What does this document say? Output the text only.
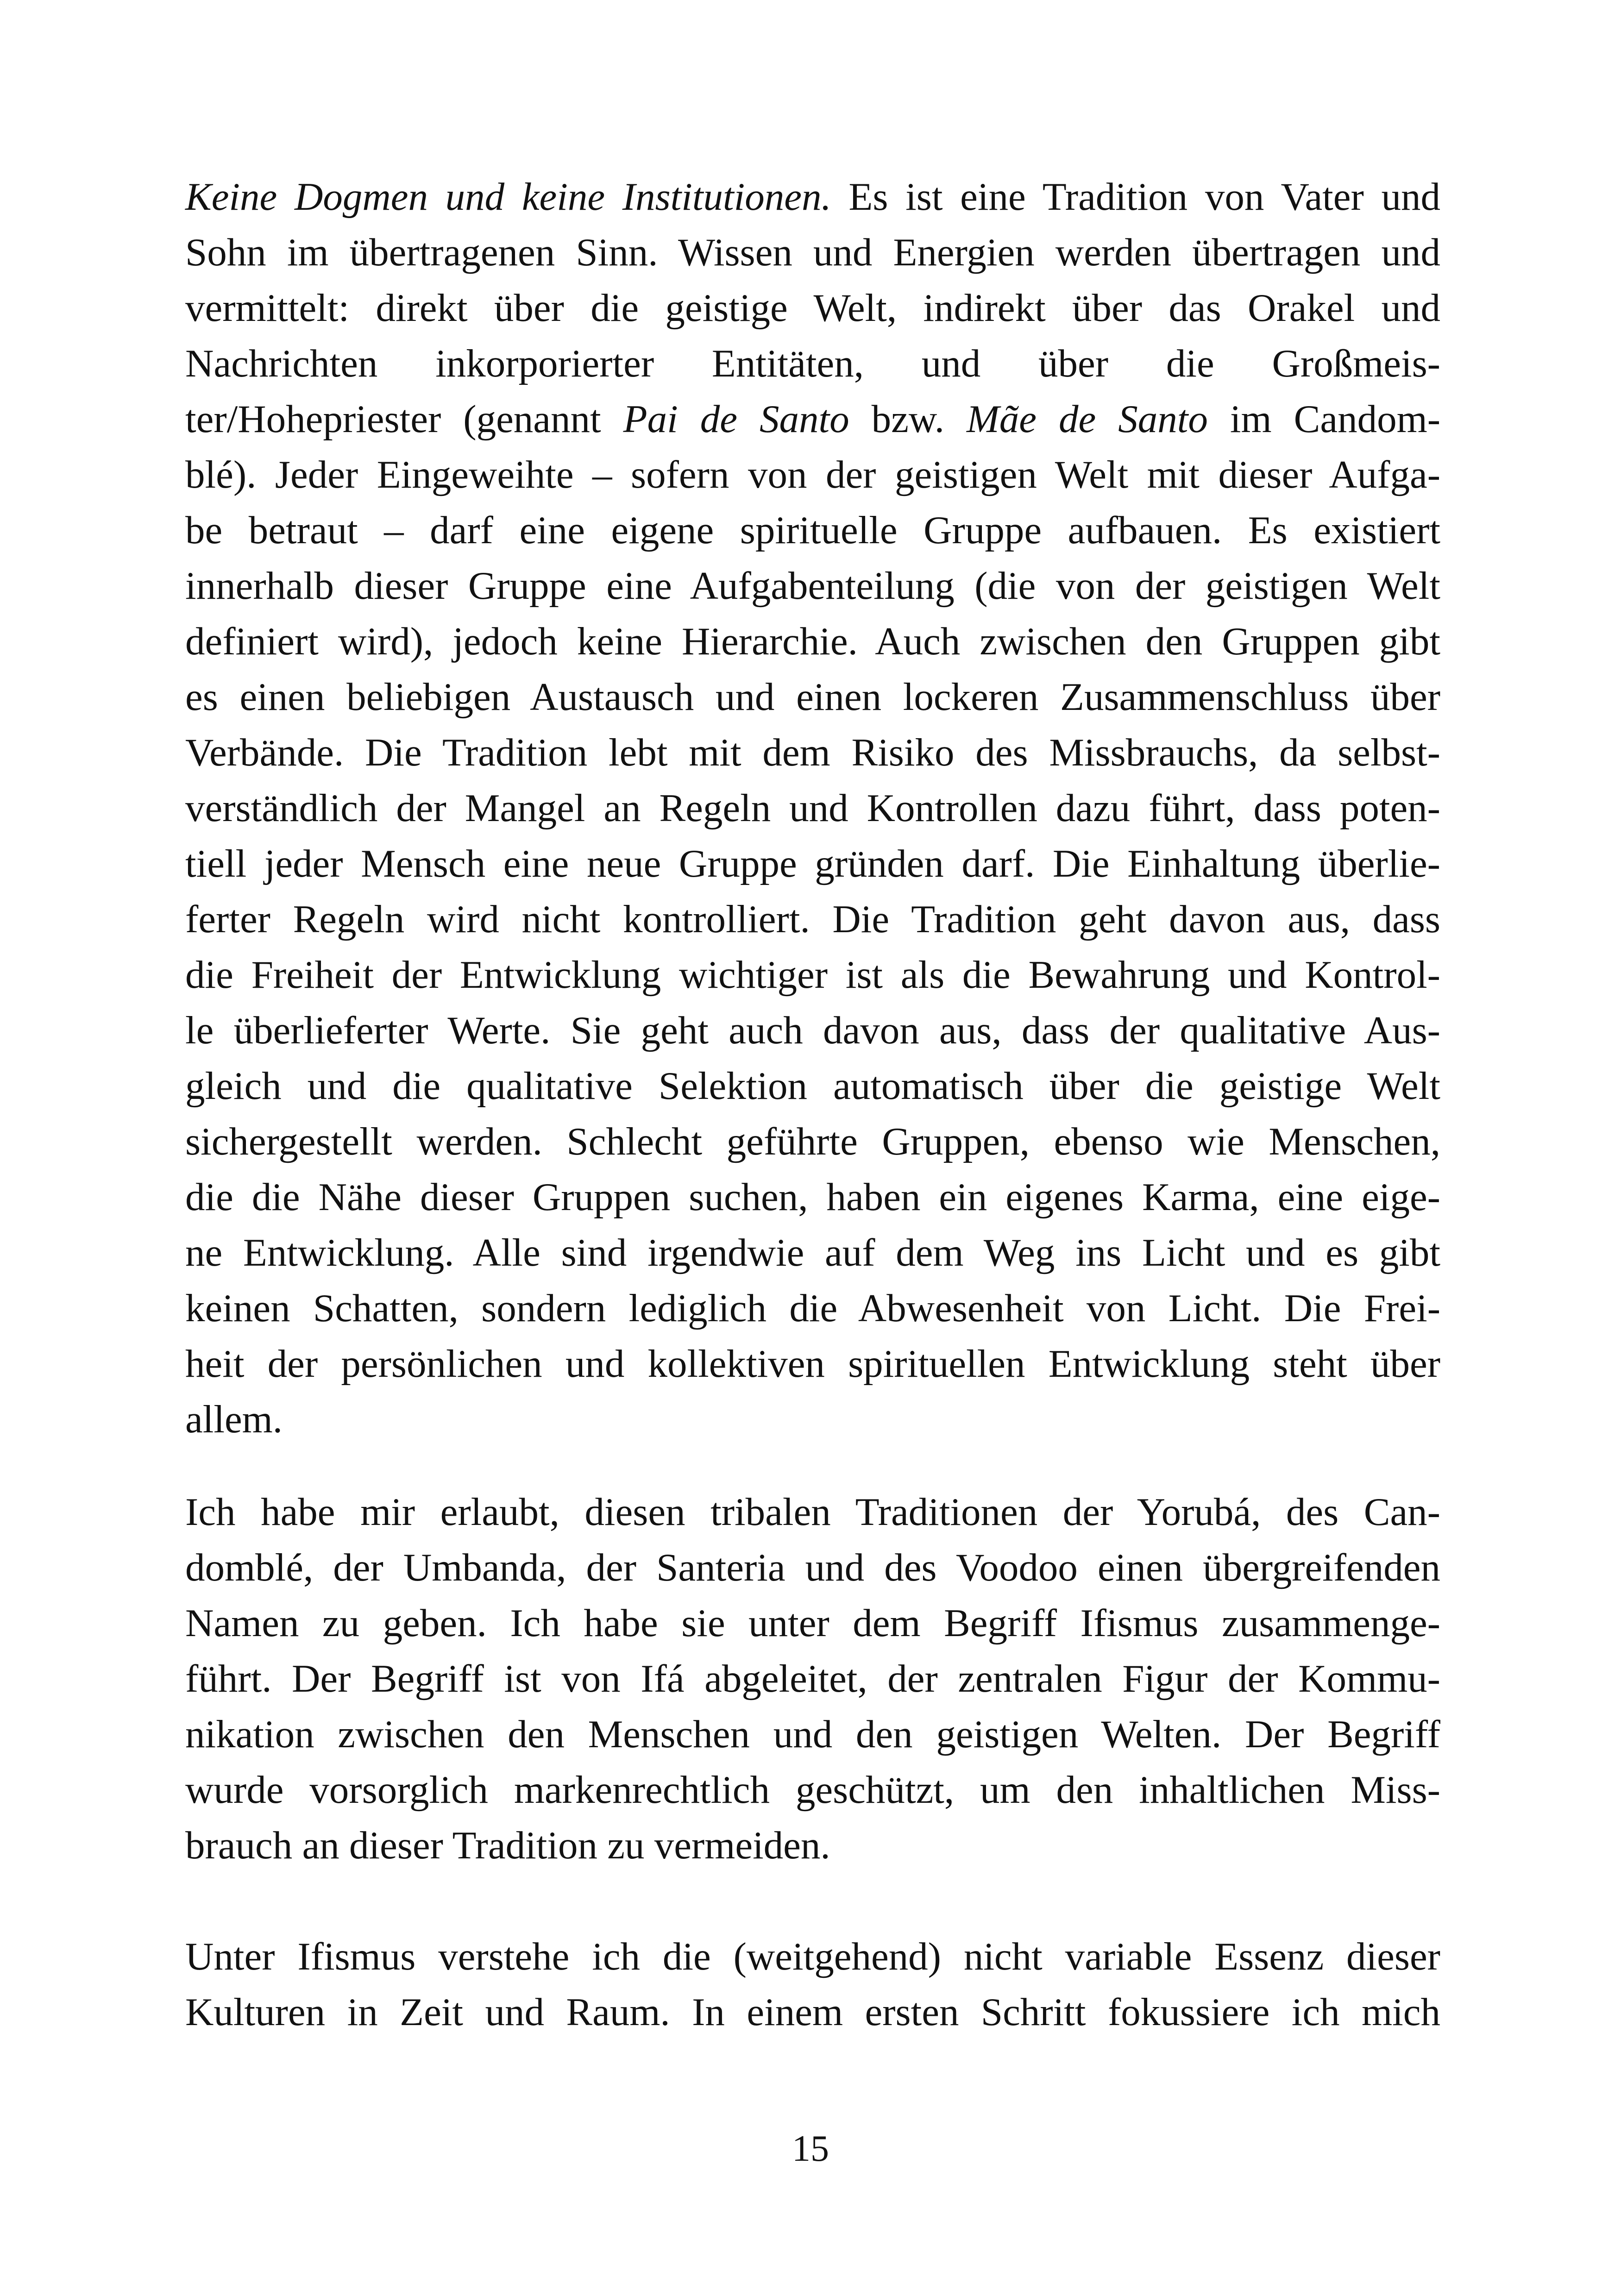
Keine Dogmen und keine Institutionen. Es ist eine Tradition von Vater und
Sohn im übertragenen Sinn. Wissen und Energien werden übertragen und
vermittelt: direkt über die geistige Welt, indirekt über das Orakel und
Nachrichten inkorporierter Entitäten, und über die Großmeis-
ter/Hohepriester (genannt Pai de Santo bzw. Mãe de Santo im Candom-
blé). Jeder Eingeweihte – sofern von der geistigen Welt mit dieser Aufga-
be betraut – darf eine eigene spirituelle Gruppe aufbauen. Es existiert
innerhalb dieser Gruppe eine Aufgabenteilung (die von der geistigen Welt
definiert wird), jedoch keine Hierarchie. Auch zwischen den Gruppen gibt
es einen beliebigen Austausch und einen lockeren Zusammenschluss über
Verbände. Die Tradition lebt mit dem Risiko des Missbrauchs, da selbst-
verständlich der Mangel an Regeln und Kontrollen dazu führt, dass poten-
tiell jeder Mensch eine neue Gruppe gründen darf. Die Einhaltung überlie-
ferter Regeln wird nicht kontrolliert. Die Tradition geht davon aus, dass
die Freiheit der Entwicklung wichtiger ist als die Bewahrung und Kontrol-
le überlieferter Werte. Sie geht auch davon aus, dass der qualitative Aus-
gleich und die qualitative Selektion automatisch über die geistige Welt
sichergestellt werden. Schlecht geführte Gruppen, ebenso wie Menschen,
die die Nähe dieser Gruppen suchen, haben ein eigenes Karma, eine eige-
ne Entwicklung. Alle sind irgendwie auf dem Weg ins Licht und es gibt
keinen Schatten, sondern lediglich die Abwesenheit von Licht. Die Frei-
heit der persönlichen und kollektiven spirituellen Entwicklung steht über
allem.
Ich habe mir erlaubt, diesen tribalen Traditionen der Yorubá, des Can-
domblé, der Umbanda, der Santeria und des Voodoo einen übergreifenden
Namen zu geben. Ich habe sie unter dem Begriff Ifismus zusammenge-
führt. Der Begriff ist von Ifá abgeleitet, der zentralen Figur der Kommu-
nikation zwischen den Menschen und den geistigen Welten. Der Begriff
wurde vorsorglich markenrechtlich geschützt, um den inhaltlichen Miss-
brauch an dieser Tradition zu vermeiden.
Unter Ifismus verstehe ich die (weitgehend) nicht variable Essenz dieser
Kulturen in Zeit und Raum. In einem ersten Schritt fokussiere ich mich
15
